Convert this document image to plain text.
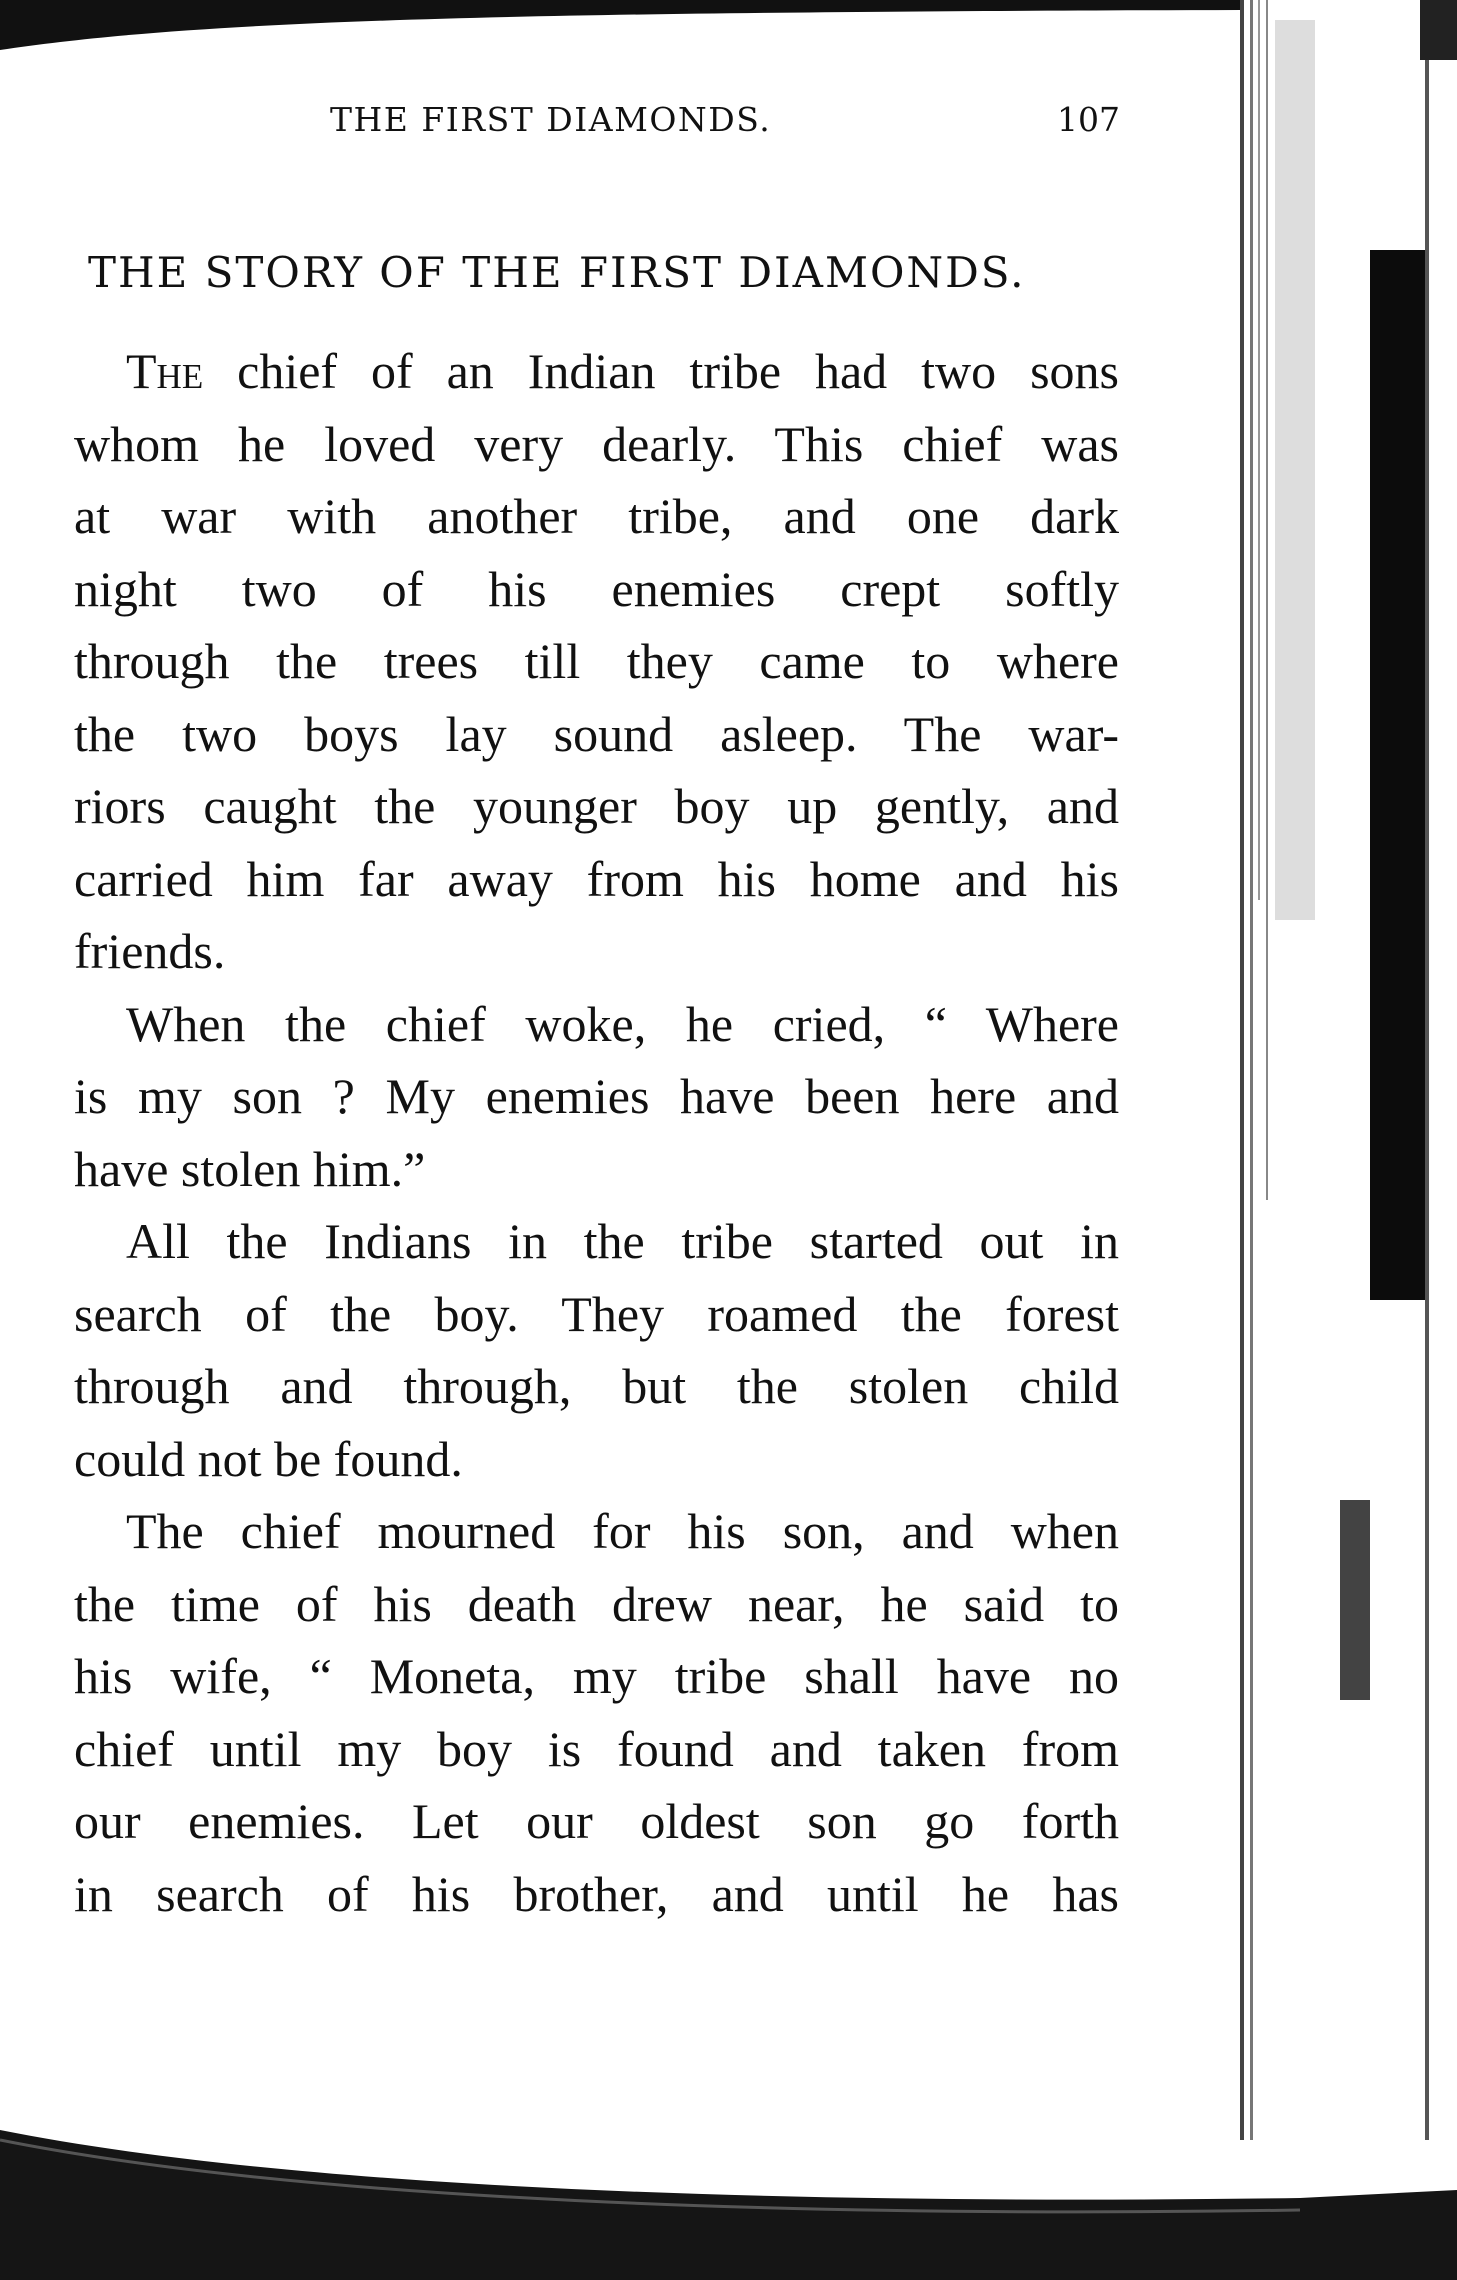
THE FIRST DIAMONDS.	107
THE STORY OF THE FIRST DIAMONDS.
The chief of an Indian tribe had two sons
whom he loved very dearly. This chief was
at war with another tribe, and one dark
night two of his enemies crept softly
through the trees till they came to where
the two boys lay sound asleep. The war-
riors caught the younger boy up gently, and
carried him far away from his home and his
friends.
When the chief woke, he cried, “ Where
is my son ? My enemies have been here and
have stolen him.”
All the Indians in the tribe started out in
search of the boy. They roamed the forest
through and through, but the stolen child
could not be found.
The chief mourned for his son, and when
the time of his death drew near, he said to
his wife, “ Moneta, my tribe shall have no
chief until my boy is found and taken from
our enemies. Let our oldest son go forth
in search of his brother, and until he has
